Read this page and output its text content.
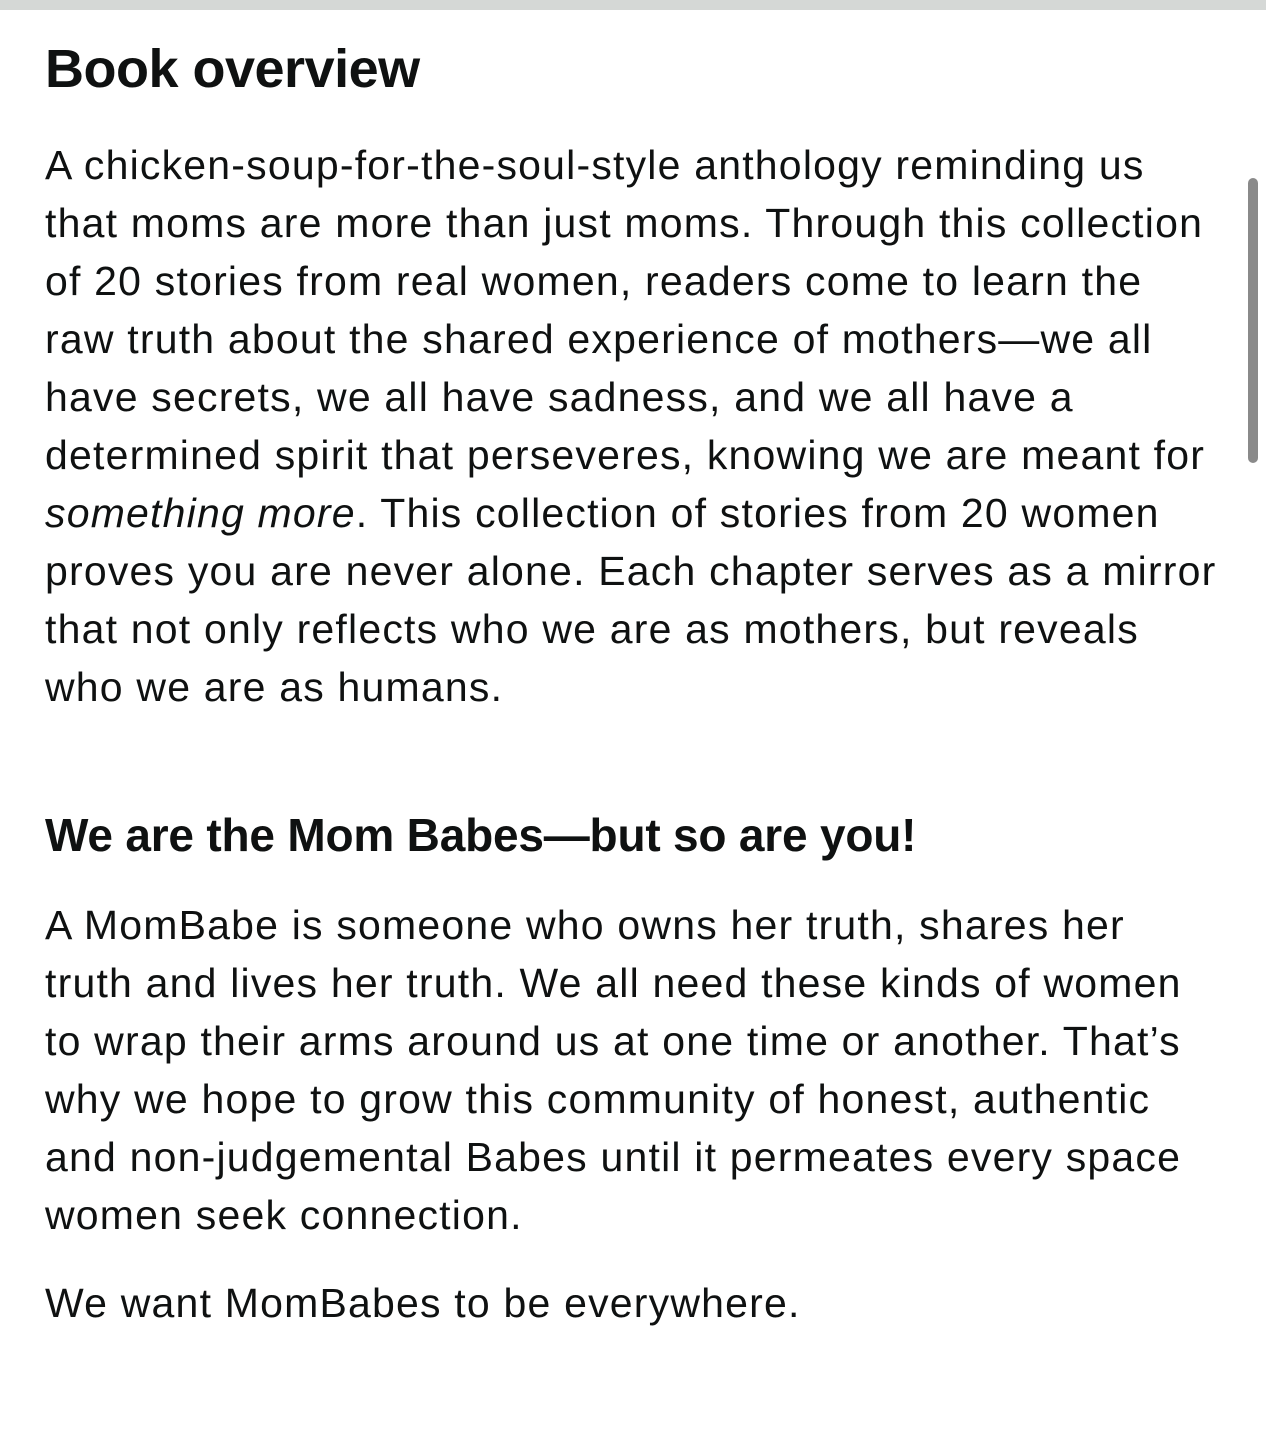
Book overview

A chicken-soup-for-the-soul-style anthology reminding us that moms are more than just moms. Through this collection of 20 stories from real women, readers come to learn the raw truth about the shared experience of mothers—we all have secrets, we all have sadness, and we all have a determined spirit that perseveres, knowing we are meant for something more. This collection of stories from 20 women proves you are never alone. Each chapter serves as a mirror that not only reflects who we are as mothers, but reveals who we are as humans.

We are the Mom Babes—but so are you!

A MomBabe is someone who owns her truth, shares her truth and lives her truth. We all need these kinds of women to wrap their arms around us at one time or another. That’s why we hope to grow this community of honest, authentic and non-judgemental Babes until it permeates every space women seek connection.

We want MomBabes to be everywhere.
